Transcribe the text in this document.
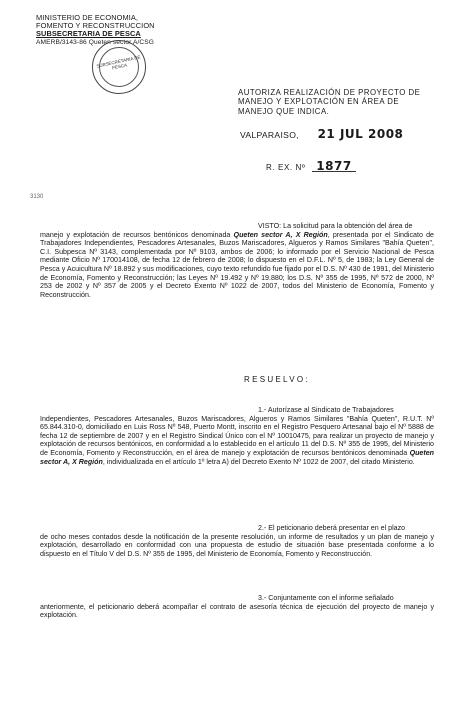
MINISTERIO DE ECONOMIA,
FOMENTO Y RECONSTRUCCION
SUBSECRETARIA DE PESCA
AMERB/3143-86 Queten sector A/CSG
SUBSECRETARIA DE PESCA
AUTORIZA REALIZACIÓN DE PROYECTO DE
MANEJO Y EXPLOTACIÓN EN ÁREA DE
MANEJO QUE INDICA.
VALPARAISO, 21 JUL 2008
R. EX. Nº 1877
3130

VISTO: La solicitud para la obtención del área de

manejo y explotación de recursos bentónicos denominada Queten sector A, X Región, presentada por el Sindicato de Trabajadores Independientes, Pescadores Artesanales, Buzos Mariscadores, Algueros y Ramos Similares "Bahía Queten", C.I. Subpesca Nº 3143, complementada por Nº 9103, ambos de 2006; lo informado por el Servicio Nacional de Pesca mediante Oficio Nº 170014108, de fecha 12 de febrero de 2008; lo dispuesto en el D.F.L. Nº 5, de 1983; la Ley General de Pesca y Acuicultura Nº 18.892 y sus modificaciones, cuyo texto refundido fue fijado por el D.S. Nº 430 de 1991, del Ministerio de Economía, Fomento y Reconstrucción; las Leyes Nº 19.492 y Nº 19.880; los D.S. Nº 355 de 1995, Nº 572 de 2000, Nº 253 de 2002 y Nº 357 de 2005 y el Decreto Exento Nº 1022 de 2007, todos del Ministerio de Economía, Fomento y Reconstrucción.

RESUELVO:

1.- Autorízase al Sindicato de Trabajadores

Independientes, Pescadores Artesanales, Buzos Mariscadores, Algueros y Ramos Similares "Bahía Queten", R.U.T. Nº 65.844.310-0, domiciliado en Luis Ross Nº 548, Puerto Montt, inscrito en el Registro Pesquero Artesanal bajo el Nº 5888 de fecha 12 de septiembre de 2007 y en el Registro Sindical Único con el Nº 10010475, para realizar un proyecto de manejo y explotación de recursos bentónicos, en conformidad a lo establecido en el artículo 11 del D.S. Nº 355 de 1995, del Ministerio de Economía, Fomento y Reconstrucción, en el área de manejo y explotación de recursos bentónicos denominada Queten sector A, X Región, individualizada en el artículo 1º letra A) del Decreto Exento Nº 1022 de 2007, del citado Ministerio.

2.- El peticionario deberá presentar en el plazo

de ocho meses contados desde la notificación de la presente resolución, un informe de resultados y un plan de manejo y explotación, desarrollado en conformidad con una propuesta de estudio de situación base presentada conforme a lo dispuesto en el Título V del D.S. Nº 355 de 1995, del Ministerio de Economía, Fomento y Reconstrucción.

3.- Conjuntamente con el informe señalado

anteriormente, el peticionario deberá acompañar el contrato de asesoría técnica de ejecución del proyecto de manejo y explotación.
